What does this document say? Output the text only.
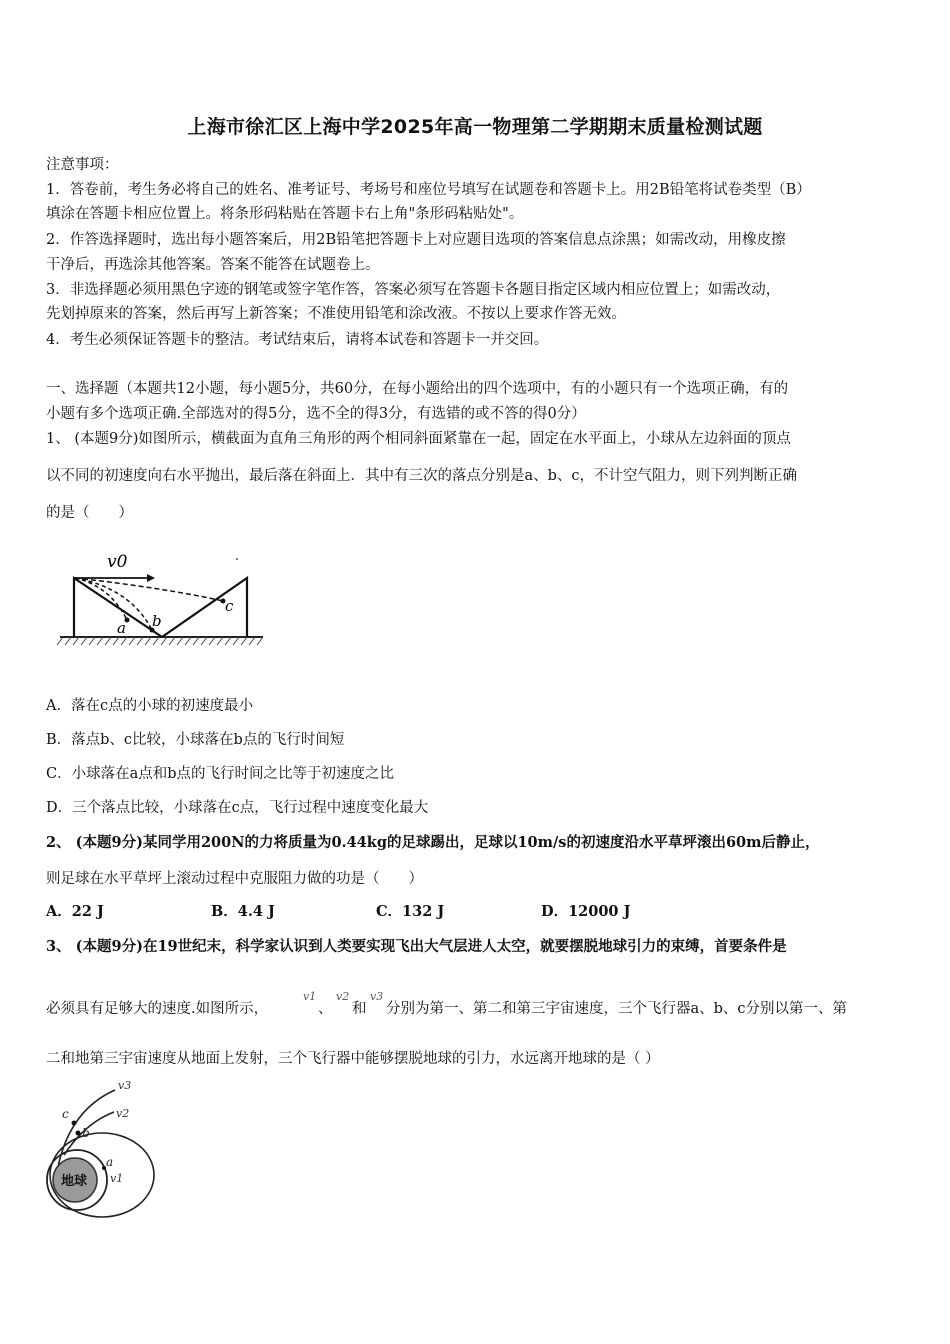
上海市徐汇区上海中学2025年高一物理第二学期期末质量检测试题
注意事项：
1．答卷前，考生务必将自己的姓名、准考证号、考场号和座位号填写在试题卷和答题卡上。用2B铅笔将试卷类型（B）
填涂在答题卡相应位置上。将条形码粘贴在答题卡右上角"条形码粘贴处"。
2．作答选择题时，选出每小题答案后，用2B铅笔把答题卡上对应题目选项的答案信息点涂黑；如需改动，用橡皮擦
干净后，再选涂其他答案。答案不能答在试题卷上。
3．非选择题必须用黑色字迹的钢笔或签字笔作答，答案必须写在答题卡各题目指定区域内相应位置上；如需改动，
先划掉原来的答案，然后再写上新答案；不准使用铅笔和涂改液。不按以上要求作答无效。
4．考生必须保证答题卡的整洁。考试结束后，请将本试卷和答题卡一并交回。
一、选择题（本题共12小题，每小题5分，共60分，在每小题给出的四个选项中，有的小题只有一个选项正确，有的
小题有多个选项正确.全部选对的得5分，选不全的得3分，有选错的或不答的得0分）
1、 (本题9分)如图所示，横截面为直角三角形的两个相同斜面紧靠在一起，固定在水平面上，小球从左边斜面的顶点
以不同的初速度向右水平抛出，最后落在斜面上．其中有三次的落点分别是a、b、c，不计空气阻力，则下列判断正确
的是（　　）
v0
a b
c
A．落在c点的小球的初速度最小
B．落点b、c比较，小球落在b点的飞行时间短
C．小球落在a点和b点的飞行时间之比等于初速度之比
D．三个落点比较，小球落在c点，飞行过程中速度变化最大
2、 (本题9分)某同学用200N的力将质量为0.44kg的足球踢出，足球以10m/s的初速度沿水平草坪滚出60m后静止，
则足球在水平草坪上滚动过程中克服阻力做的功是（　　）
A．22 J	B．4.4 J	C．132 J	D．12000 J
3、 (本题9分)在19世纪末，科学家认识到人类要实现飞出大气层进人太空，就要摆脱地球引力的束缚，首要条件是
必须具有足够大的速度.如图所示，
v1
、
v2
和
v3
分别为第一、第二和第三宇宙速度，三个飞行器a、b、c分别以第一、第
二和地第三宇宙速度从地面上发射，三个飞行器中能够摆脱地球的引力，水远离开地球的是（ ）
地球
v3
v2
v1
c
b
a
